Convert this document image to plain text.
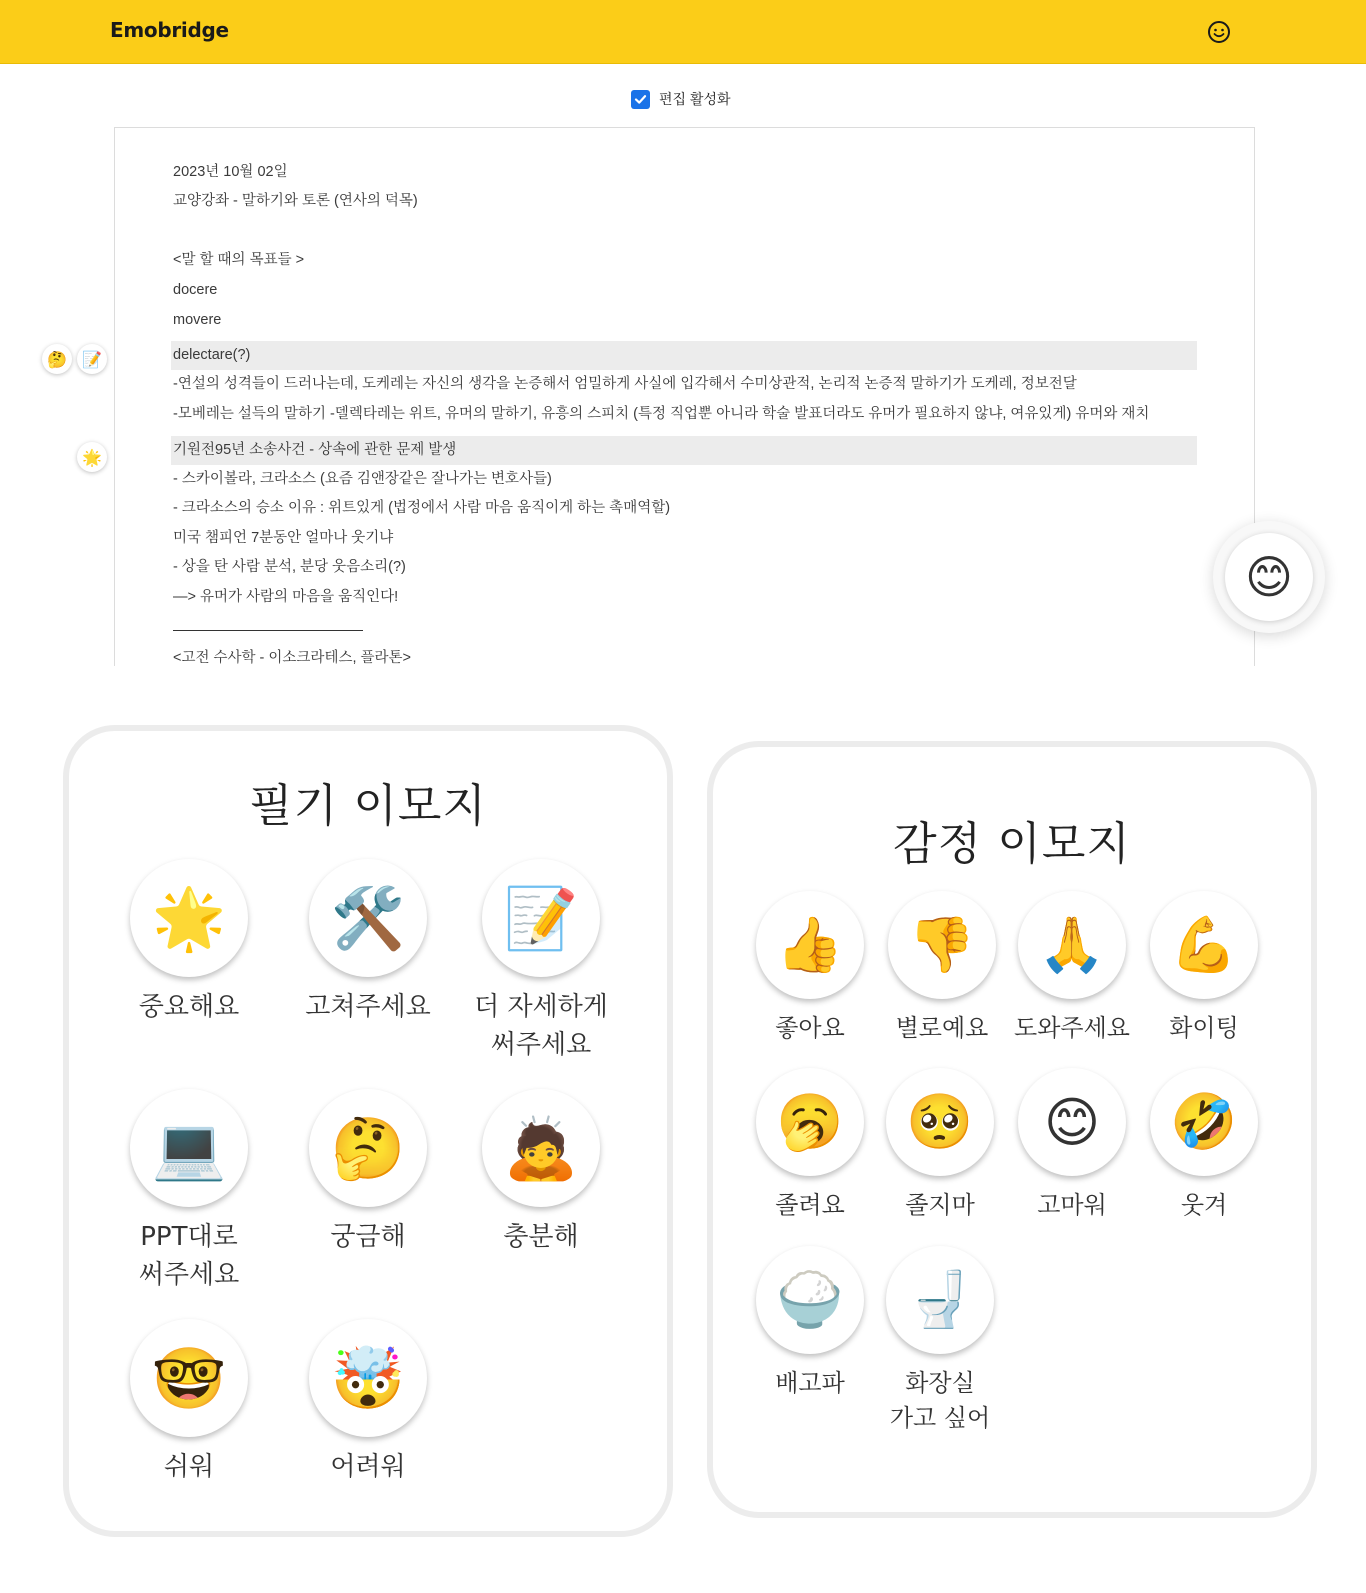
Emobridge
편집 활성화
2023년 10월 02일
교양강좌 - 말하기와 토론 (연사의 덕목)
<말 할 때의 목표들 >
docere
movere
delectare(?)
-연설의 성격들이 드러나는데, 도케레는 자신의 생각을 논증해서 엄밀하게 사실에 입각해서 수미상관적, 논리적 논증적 말하기가 도케레, 정보전달
-모베레는 설득의 말하기 -델렉타레는 위트, 유머의 말하기, 유흥의 스피치 (특정 직업뿐 아니라 학술 발표더라도 유머가 필요하지 않냐, 여유있게) 유머와 재치
기원전95년 소송사건 - 상속에 관한 문제 발생
- 스카이볼라, 크라소스 (요즘 김앤장같은 잘나가는 변호사들)
- 크라소스의 승소 이유 : 위트있게 (법정에서 사람 마음 움직이게 하는 촉매역할)
미국 챔피언 7분동안 얼마나 웃기냐
- 상을 탄 사람 분석, 분당 웃음소리(?)
—> 유머가 사람의 마음을 움직인다!
<고전 수사학 - 이소크라테스, 플라톤>
🤔 📝
🌟
😊
필기 이모지
🌟
중요해요
🛠️
고쳐주세요
📝
더 자세하게
써주세요
💻
PPT대로
써주세요
🤔
궁금해
🙇
충분해
🤓
쉬워
🤯
어려워
감정 이모지
👍
좋아요
👎
별로예요
🙏
도와주세요
💪
화이팅
🥱
졸려요
🥺
졸지마
😊
고마워
🤣
웃겨
🍚
배고파
🚽
화장실
가고 싶어
